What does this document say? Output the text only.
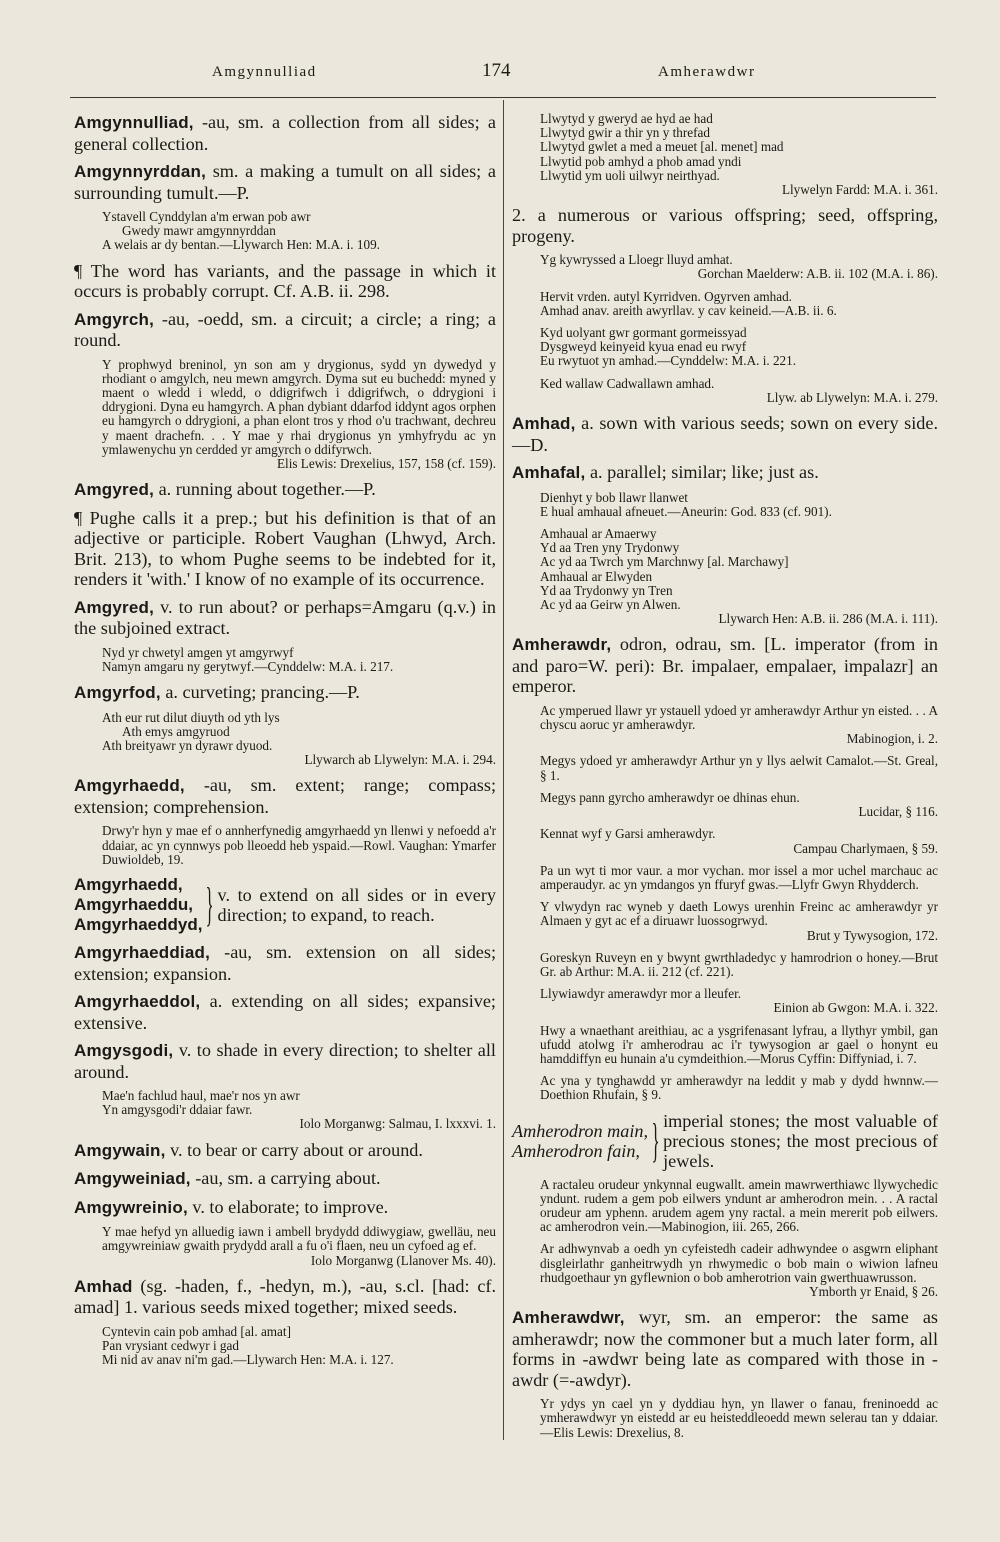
Amgynnulliad	174	Amherawdwr

Amgynnulliad, -au, sm. a collection from all sides; a general collection.

Amgynnyrddan, sm. a making a tumult on all sides; a surrounding tumult.—P.

Ystavell Cynddylan a'm erwan pob awr
Gwedy mawr amgynnyrddan
A welais ar dy bentan.—Llywarch Hen: M.A. i. 109.

¶ The word has variants, and the passage in which it occurs is probably corrupt. Cf. A.B. ii. 298.

Amgyrch, -au, -oedd, sm. a circuit; a circle; a ring; a round.

Y prophwyd breninol, yn son am y drygionus, sydd yn dywedyd y rhodiant o amgylch, neu mewn amgyrch. Dyma sut eu buchedd: myned y maent o wledd i wledd, o ddigrifwch i ddigrifwch, o ddrygioni i ddrygioni. Dyna eu hamgyrch. A phan dybiant ddarfod iddynt agos orphen eu hamgyrch o ddrygioni, a phan elont tros y rhod o'u trachwant, dechreu y maent drachefn. . . Y mae y rhai drygionus yn ymhyfrydu ac yn ymlawenychu yn cerdded yr amgyrch o ddifyrwch.
Elis Lewis: Drexelius, 157, 158 (cf. 159).

Amgyred, a. running about together.—P.

¶ Pughe calls it a prep.; but his definition is that of an adjective or participle. Robert Vaughan (Lhwyd, Arch. Brit. 213), to whom Pughe seems to be indebted for it, renders it 'with.' I know of no example of its occurrence.

Amgyred, v. to run about? or perhaps=Amgaru (q.v.) in the subjoined extract.

Nyd yr chwetyl amgen yt amgyrwyf
Namyn amgaru ny gerytwyf.—Cynddelw: M.A. i. 217.

Amgyrfod, a. curveting; prancing.—P.

Ath eur rut dilut diuyth od yth lys
Ath emys amgyruod
Ath breityawr yn dyrawr dyuod.
Llywarch ab Llywelyn: M.A. i. 294.

Amgyrhaedd, -au, sm. extent; range; compass; extension; comprehension.

Drwy'r hyn y mae ef o annherfynedig amgyrhaedd yn llenwi y nefoedd a'r ddaiar, ac yn cynnwys pob lleoedd heb yspaid.—Rowl. Vaughan: Ymarfer Duwioldeb, 19.
Amgyrhaedd,
Amgyrhaeddu,
Amgyrhaeddyd, } v. to extend on all sides or in every direction; to expand, to reach.

Amgyrhaeddiad, -au, sm. extension on all sides; extension; expansion.

Amgyrhaeddol, a. extending on all sides; expansive; extensive.

Amgysgodi, v. to shade in every direction; to shelter all around.

Mae'n fachlud haul, mae'r nos yn awr
Yn amgysgodi'r ddaiar fawr.
Iolo Morganwg: Salmau, I. lxxxvi. 1.

Amgywain, v. to bear or carry about or around.

Amgyweiniad, -au, sm. a carrying about.

Amgywreinio, v. to elaborate; to improve.

Y mae hefyd yn alluedig iawn i ambell brydydd ddiwygiaw, gwelläu, neu amgywreiniaw gwaith prydydd arall a fu o'i flaen, neu un cyfoed ag ef.
Iolo Morganwg (Llanover Ms. 40).

Amhad (sg. -haden, f., -hedyn, m.), -au, s.cl. [had: cf. amad] 1. various seeds mixed together; mixed seeds.

Cyntevin cain pob amhad [al. amat]
Pan vrysiant cedwyr i gad
Mi nid av anav ni'm gad.—Llywarch Hen: M.A. i. 127.
Llwytyd y gweryd ae hyd ae had
Llwytyd gwir a thir yn y threfad
Llwytyd gwlet a med a meuet [al. menet] mad
Llwytid pob amhyd a phob amad yndi
Llwytid ym uoli uilwyr neirthyad.
Llywelyn Fardd: M.A. i. 361.

2. a numerous or various offspring; seed, offspring, progeny.

Yg kywryssed a Lloegr lluyd amhat.
Gorchan Maelderw: A.B. ii. 102 (M.A. i. 86).
Hervit vrden. autyl Kyrridven. Ogyrven amhad.
Amhad anav. areith awyrllav. y cav keineid.—A.B. ii. 6.
Kyd uolyant gwr gormant gormeissyad
Dysgweyd keinyeid kyua enad eu rwyf
Eu rwytuot yn amhad.—Cynddelw: M.A. i. 221.
Ked wallaw Cadwallawn amhad.
Llyw. ab Llywelyn: M.A. i. 279.

Amhad, a. sown with various seeds; sown on every side.—D.

Amhafal, a. parallel; similar; like; just as.

Dienhyt y bob llawr llanwet
E hual amhaual afneuet.—Aneurin: God. 833 (cf. 901).
Amhaual ar Amaerwy
Yd aa Tren yny Trydonwy
Ac yd aa Twrch ym Marchnwy [al. Marchawy]
Amhaual ar Elwyden
Yd aa Trydonwy yn Tren
Ac yd aa Geirw yn Alwen.
Llywarch Hen: A.B. ii. 286 (M.A. i. 111).

Amherawdr, odron, odrau, sm. [L. imperator (from in and paro=W. peri): Br. impalaer, empalaer, impalazr] an emperor.

Ac ymperued llawr yr ystauell ydoed yr amherawdyr Arthur yn eisted. . . A chyscu aoruc yr amherawdyr.
Mabinogion, i. 2.
Megys ydoed yr amherawdyr Arthur yn y llys aelwit Camalot.—St. Greal, § 1.
Megys pann gyrcho amherawdyr oe dhinas ehun.
Lucidar, § 116.
Kennat wyf y Garsi amherawdyr.
Campau Charlymaen, § 59.
Pa un wyt ti mor vaur. a mor vychan. mor issel a mor uchel marchauc ac amperaudyr. ac yn ymdangos yn ffuryf gwas.—Llyfr Gwyn Rhydderch.
Y vlwydyn rac wyneb y daeth Lowys urenhin Freinc ac amherawdyr yr Almaen y gyt ac ef a diruawr luossogrwyd.
Brut y Tywysogion, 172.
Goreskyn Ruveyn en y bwynt gwrthladedyc y hamrodrion o honey.—Brut Gr. ab Arthur: M.A. ii. 212 (cf. 221).
Llywiawdyr amerawdyr mor a lleufer.
Einion ab Gwgon: M.A. i. 322.
Hwy a wnaethant areithiau, ac a ysgrifenasant lyfrau, a llythyr ymbil, gan ufudd atolwg i'r amherodrau ac i'r tywysogion ar gael o honynt eu hamddiffyn eu hunain a'u cymdeithion.—Morus Cyffin: Diffyniad, i. 7.
Ac yna y tynghawdd yr amherawdyr na leddit y mab y dydd hwnnw.—Doethion Rhufain, § 9.
Amherodron main,
Amherodron fain, } imperial stones; the most valuable of precious stones; the most precious of jewels.
A ractaleu orudeur ynkynnal eugwallt. amein mawrwerthiawc llywychedic yndunt. rudem a gem pob eilwers yndunt ar amherodron mein. . . A ractal orudeur am yphenn. arudem agem yny ractal. a mein mererit pob eilwers. ac amherodron vein.—Mabinogion, iii. 265, 266.
Ar adhwynvab a oedh yn cyfeistedh cadeir adhwyndee o asgwrn eliphant disgleirlathr ganheitrwydh yn rhwymedic o bob main o wiwion lafneu rhudgoethaur yn gyflewnion o bob amherotrion vain gwerthuawrusson.
Ymborth yr Enaid, § 26.

Amherawdwr, wyr, sm. an emperor: the same as amherawdr; now the commoner but a much later form, all forms in -awdwr being late as compared with those in -awdr (=-awdyr).

Yr ydys yn cael yn y dyddiau hyn, yn llawer o fanau, freninoedd ac ymherawdwyr yn eistedd ar eu heisteddleoedd mewn selerau tan y ddaiar.—Elis Lewis: Drexelius, 8.
